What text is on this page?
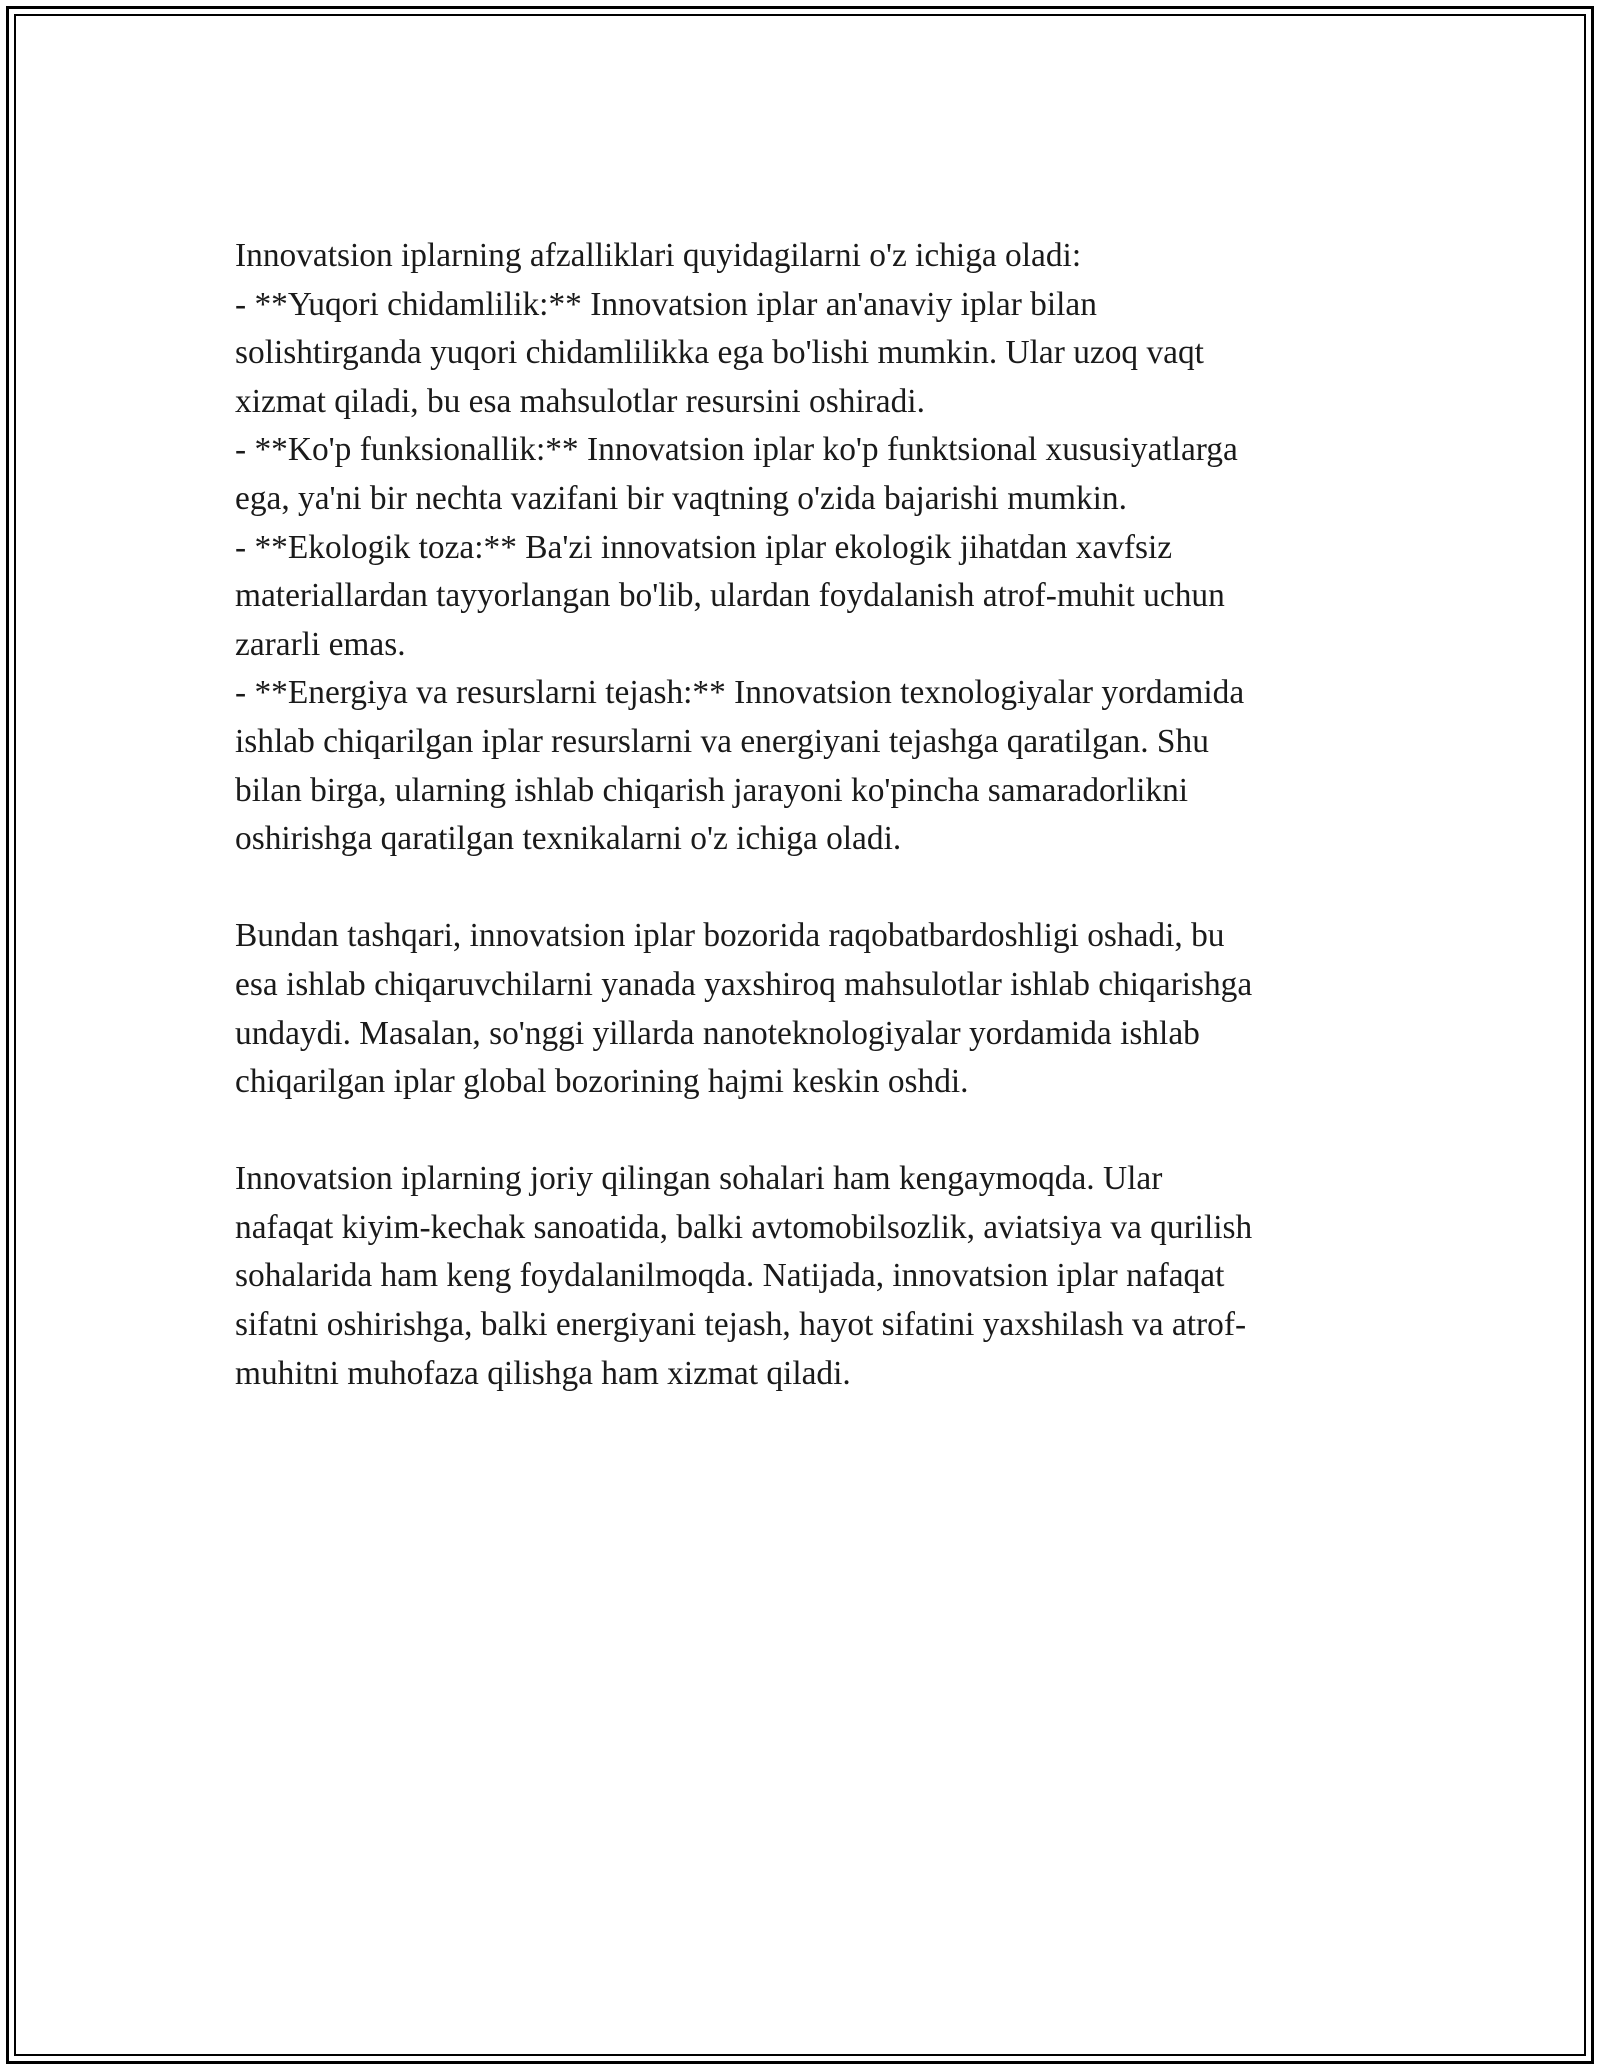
Innovatsion iplarning afzalliklari quyidagilarni o'z ichiga oladi:
- **Yuqori chidamlilik:** Innovatsion iplar an'anaviy iplar bilan
solishtirganda yuqori chidamlilikka ega bo'lishi mumkin. Ular uzoq vaqt
xizmat qiladi, bu esa mahsulotlar resursini oshiradi.
- **Ko'p funksionallik:** Innovatsion iplar ko'p funktsional xususiyatlarga
ega, ya'ni bir nechta vazifani bir vaqtning o'zida bajarishi mumkin.
- **Ekologik toza:** Ba'zi innovatsion iplar ekologik jihatdan xavfsiz
materiallardan tayyorlangan bo'lib, ulardan foydalanish atrof-muhit uchun
zararli emas.
- **Energiya va resurslarni tejash:** Innovatsion texnologiyalar yordamida
ishlab chiqarilgan iplar resurslarni va energiyani tejashga qaratilgan. Shu
bilan birga, ularning ishlab chiqarish jarayoni ko'pincha samaradorlikni
oshirishga qaratilgan texnikalarni o'z ichiga oladi.
Bundan tashqari, innovatsion iplar bozorida raqobatbardoshligi oshadi, bu
esa ishlab chiqaruvchilarni yanada yaxshiroq mahsulotlar ishlab chiqarishga
undaydi. Masalan, so'nggi yillarda nanoteknologiyalar yordamida ishlab
chiqarilgan iplar global bozorining hajmi keskin oshdi.
Innovatsion iplarning joriy qilingan sohalari ham kengaymoqda. Ular
nafaqat kiyim-kechak sanoatida, balki avtomobilsozlik, aviatsiya va qurilish
sohalarida ham keng foydalanilmoqda. Natijada, innovatsion iplar nafaqat
sifatni oshirishga, balki energiyani tejash, hayot sifatini yaxshilash va atrof-
muhitni muhofaza qilishga ham xizmat qiladi.
